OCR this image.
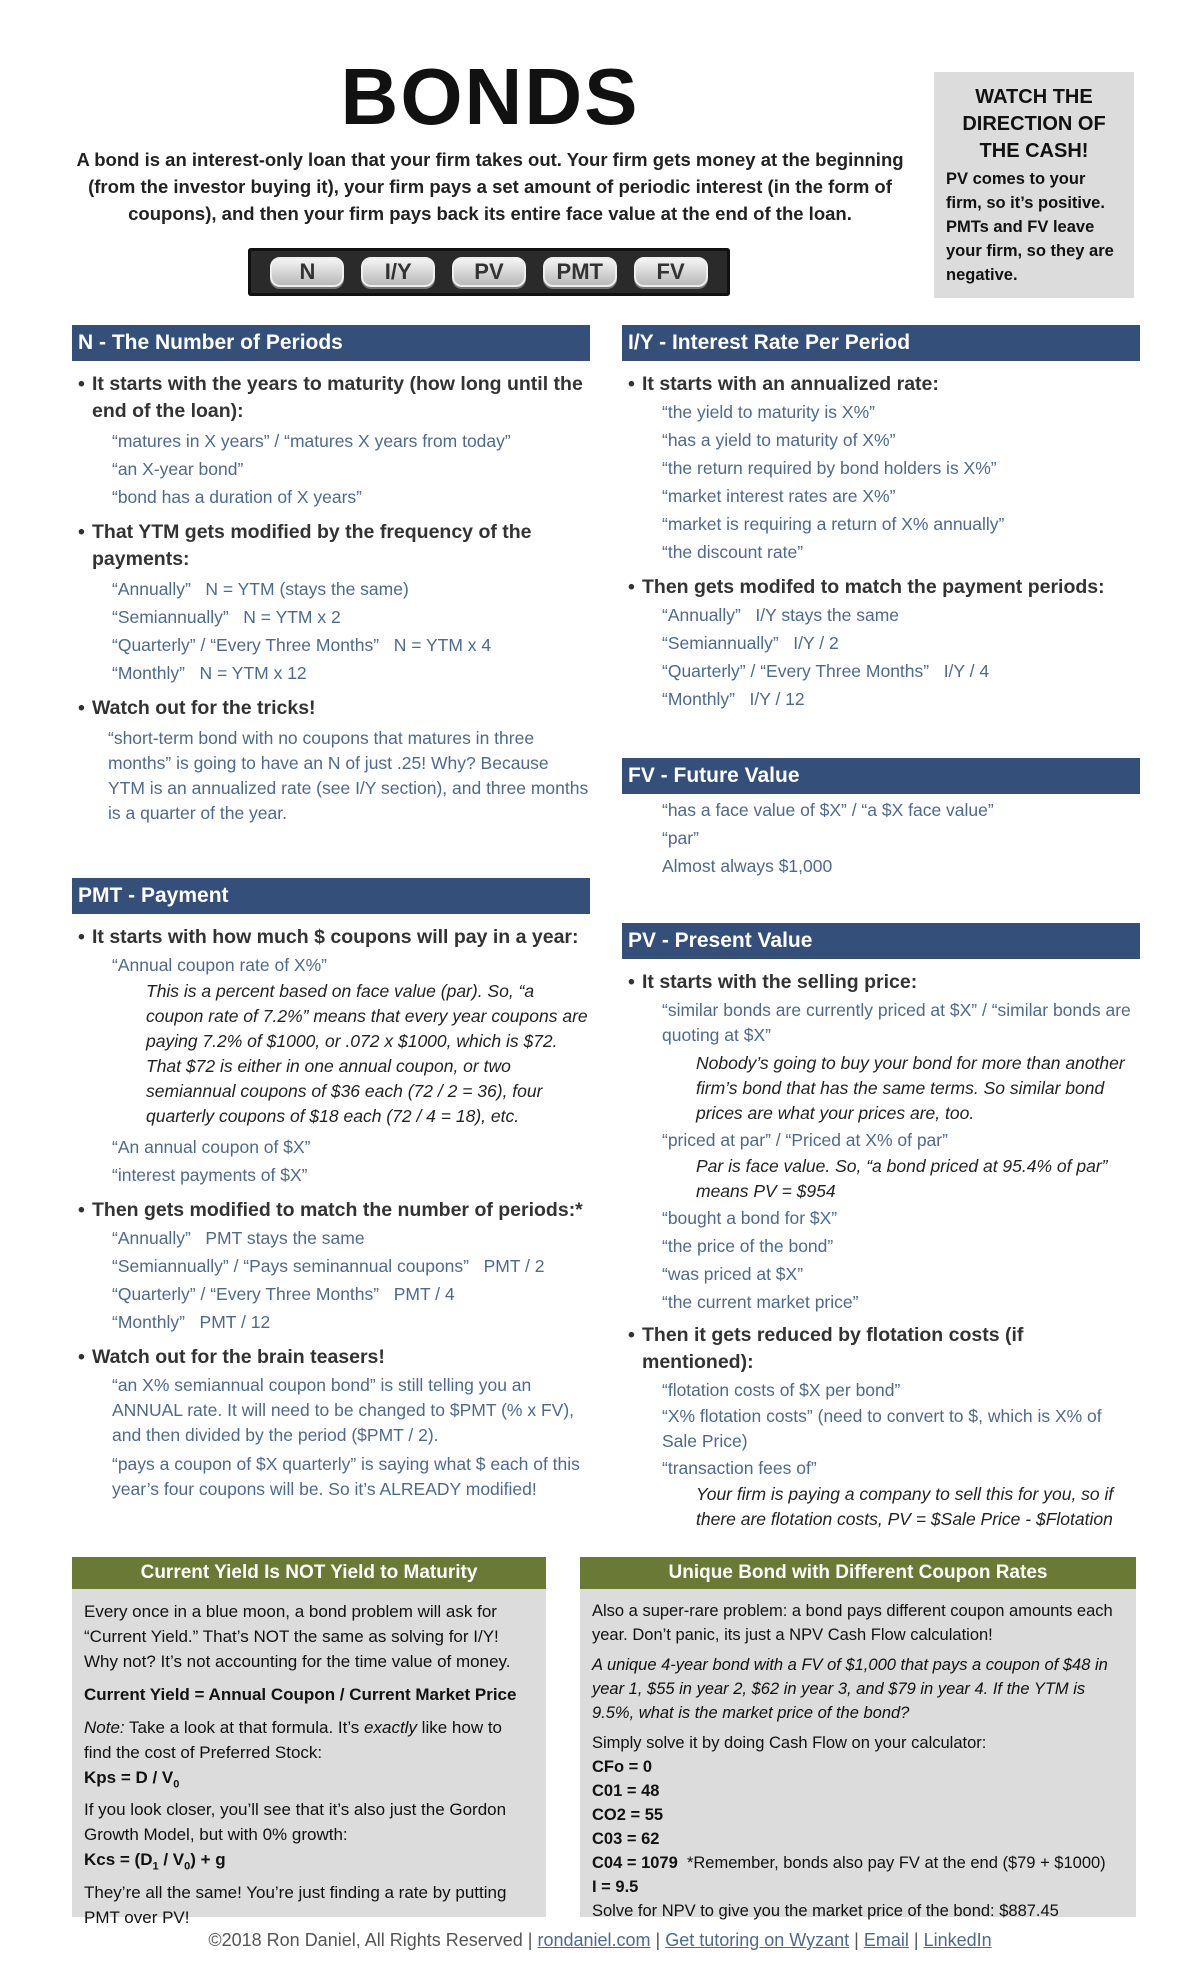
BONDS
A bond is an interest-only loan that your firm takes out. Your firm gets money at the beginning (from the investor buying it), your firm pays a set amount of periodic interest (in the form of coupons), and then your firm pays back its entire face value at the end of the loan.
N	I/Y	PV	PMT	FV
WATCH THE DIRECTION OF THE CASH!
PV comes to your firm, so it’s positive. PMTs and FV leave your firm, so they are negative.
N - The Number of Periods
• It starts with the years to maturity (how long until the end of the loan):
“matures in X years” / “matures X years from today”
“an X-year bond”
“bond has a duration of X years”
• That YTM gets modified by the frequency of the payments:
“Annually”   N = YTM (stays the same)
“Semiannually”   N = YTM x 2
“Quarterly” / “Every Three Months”   N = YTM x 4
“Monthly”   N = YTM x 12
• Watch out for the tricks!
“short-term bond with no coupons that matures in three months” is going to have an N of just .25! Why? Because YTM is an annualized rate (see I/Y section), and three months is a quarter of the year.
I/Y - Interest Rate Per Period
• It starts with an annualized rate:
“the yield to maturity is X%”
“has a yield to maturity of X%”
“the return required by bond holders is X%”
“market interest rates are X%”
“market is requiring a return of X% annually”
“the discount rate”
• Then gets modifed to match the payment periods:
“Annually”   I/Y stays the same
“Semiannually”   I/Y / 2
“Quarterly” / “Every Three Months”   I/Y / 4
“Monthly”   I/Y / 12
FV - Future Value
“has a face value of $X” / “a $X face value”
“par”
Almost always $1,000
PMT - Payment
• It starts with how much $ coupons will pay in a year:
“Annual coupon rate of X%”
This is a percent based on face value (par). So, “a coupon rate of 7.2%” means that every year coupons are paying 7.2% of $1000, or .072 x $1000, which is $72. That $72 is either in one annual coupon, or two semiannual coupons of $36 each (72 / 2 = 36), four quarterly coupons of $18 each (72 / 4 = 18), etc.
“An annual coupon of $X”
“interest payments of $X”
• Then gets modified to match the number of periods:*
“Annually”   PMT stays the same
“Semiannually” / “Pays seminannual coupons”   PMT / 2
“Quarterly” / “Every Three Months”   PMT / 4
“Monthly”   PMT / 12
• Watch out for the brain teasers!
“an X% semiannual coupon bond” is still telling you an ANNUAL rate. It will need to be changed to $PMT (% x FV), and then divided by the period ($PMT / 2).
“pays a coupon of $X quarterly” is saying what $ each of this year’s four coupons will be. So it’s ALREADY modified!
PV - Present Value
• It starts with the selling price:
“similar bonds are currently priced at $X” / “similar bonds are quoting at $X”
Nobody’s going to buy your bond for more than another firm’s bond that has the same terms. So similar bond prices are what your prices are, too.
“priced at par” / “Priced at X% of par”
Par is face value. So, “a bond priced at 95.4% of par” means PV = $954
“bought a bond for $X”
“the price of the bond”
“was priced at $X”
“the current market price”
• Then it gets reduced by flotation costs (if mentioned):
“flotation costs of $X per bond”
“X% flotation costs” (need to convert to $, which is X% of Sale Price)
“transaction fees of”
Your firm is paying a company to sell this for you, so if there are flotation costs, PV = $Sale Price - $Flotation
Current Yield Is NOT Yield to Maturity
Every once in a blue moon, a bond problem will ask for “Current Yield.” That’s NOT the same as solving for I/Y! Why not? It’s not accounting for the time value of money.
Current Yield = Annual Coupon / Current Market Price
Note: Take a look at that formula. It’s exactly like how to find the cost of Preferred Stock:
Kps = D / $V_0$
If you look closer, you’ll see that it’s also just the Gordon Growth Model, but with 0% growth:
Kcs = $(D_1 / V_0) + g$
They’re all the same! You’re just finding a rate by putting PMT over PV!
Unique Bond with Different Coupon Rates
Also a super-rare problem: a bond pays different coupon amounts each year. Don’t panic, its just a NPV Cash Flow calculation!
A unique 4-year bond with a FV of $1,000 that pays a coupon of $48 in year 1, $55 in year 2, $62 in year 3, and $79 in year 4. If the YTM is 9.5%, what is the market price of the bond?
Simply solve it by doing Cash Flow on your calculator:
CFo = 0
C01 = 48
CO2 = 55
C03 = 62
C04 = 1079  *Remember, bonds also pay FV at the end ($79 + $1000)
I = 9.5
Solve for NPV to give you the market price of the bond: $887.45
©2018 Ron Daniel, All Rights Reserved | rondaniel.com | Get tutoring on Wyzant | Email | LinkedIn
